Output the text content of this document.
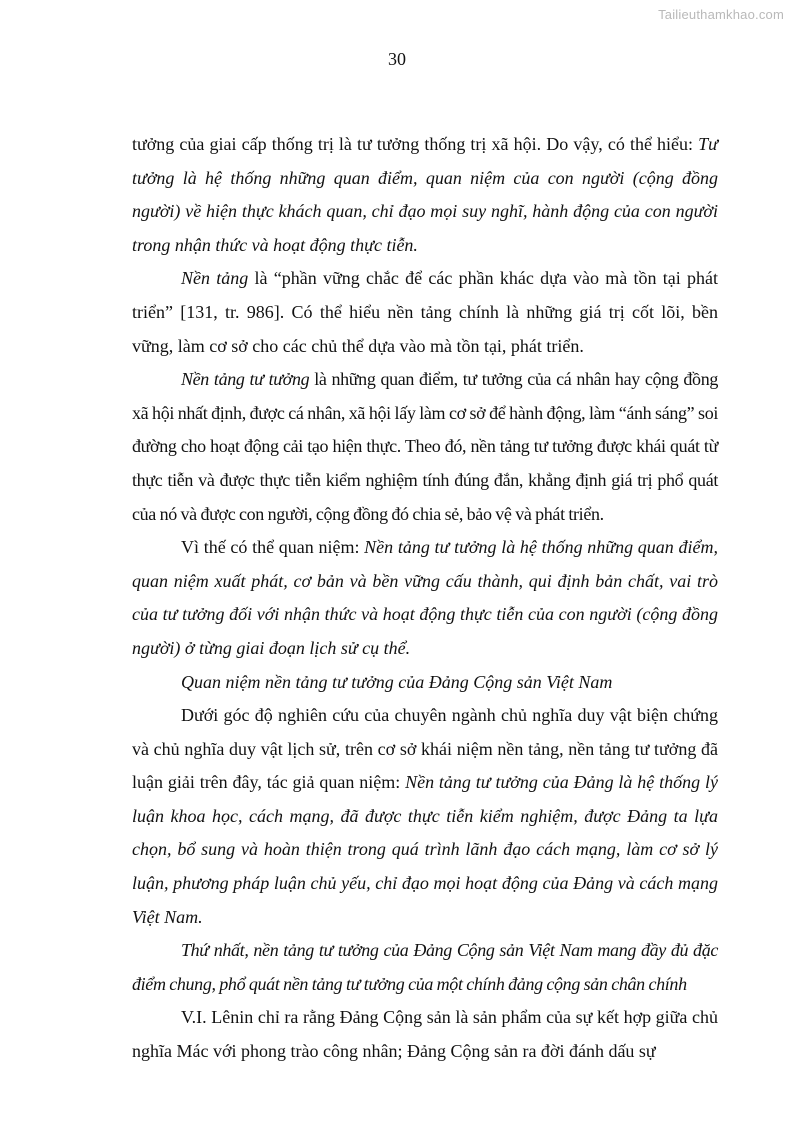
Tailieuthamkhao.com
30

tưởng của giai cấp thống trị là tư tưởng thống trị xã hội. Do vậy, có thể hiểu: Tư tưởng là hệ thống những quan điểm, quan niệm của con người (cộng đồng người) về hiện thực khách quan, chỉ đạo mọi suy nghĩ, hành động của con người trong nhận thức và hoạt động thực tiễn.

Nền tảng là “phần vững chắc để các phần khác dựa vào mà tồn tại phát triển” [131, tr. 986]. Có thể hiểu nền tảng chính là những giá trị cốt lõi, bền vững, làm cơ sở cho các chủ thể dựa vào mà tồn tại, phát triển.

Nền tảng tư tưởng là những quan điểm, tư tưởng của cá nhân hay cộng đồng xã hội nhất định, được cá nhân, xã hội lấy làm cơ sở để hành động, làm “ánh sáng” soi đường cho hoạt động cải tạo hiện thực. Theo đó, nền tảng tư tưởng được khái quát từ thực tiễn và được thực tiễn kiểm nghiệm tính đúng đắn, khẳng định giá trị phổ quát của nó và được con người, cộng đồng đó chia sẻ, bảo vệ và phát triển.

Vì thế có thể quan niệm: Nền tảng tư tưởng là hệ thống những quan điểm, quan niệm xuất phát, cơ bản và bền vững cấu thành, qui định bản chất, vai trò của tư tưởng đối với nhận thức và hoạt động thực tiễn của con người (cộng đồng người) ở từng giai đoạn lịch sử cụ thể.

Quan niệm nền tảng tư tưởng của Đảng Cộng sản Việt Nam

Dưới góc độ nghiên cứu của chuyên ngành chủ nghĩa duy vật biện chứng và chủ nghĩa duy vật lịch sử, trên cơ sở khái niệm nền tảng, nền tảng tư tưởng đã luận giải trên đây, tác giả quan niệm: Nền tảng tư tưởng của Đảng là hệ thống lý luận khoa học, cách mạng, đã được thực tiễn kiểm nghiệm, được Đảng ta lựa chọn, bổ sung và hoàn thiện trong quá trình lãnh đạo cách mạng, làm cơ sở lý luận, phương pháp luận chủ yếu, chỉ đạo mọi hoạt động của Đảng và cách mạng Việt Nam.

Thứ nhất, nền tảng tư tưởng của Đảng Cộng sản Việt Nam mang đầy đủ đặc điểm chung, phổ quát nền tảng tư tưởng của một chính đảng cộng sản chân chính

V.I. Lênin chỉ ra rằng Đảng Cộng sản là sản phẩm của sự kết hợp giữa chủ nghĩa Mác với phong trào công nhân; Đảng Cộng sản ra đời đánh dấu sự
